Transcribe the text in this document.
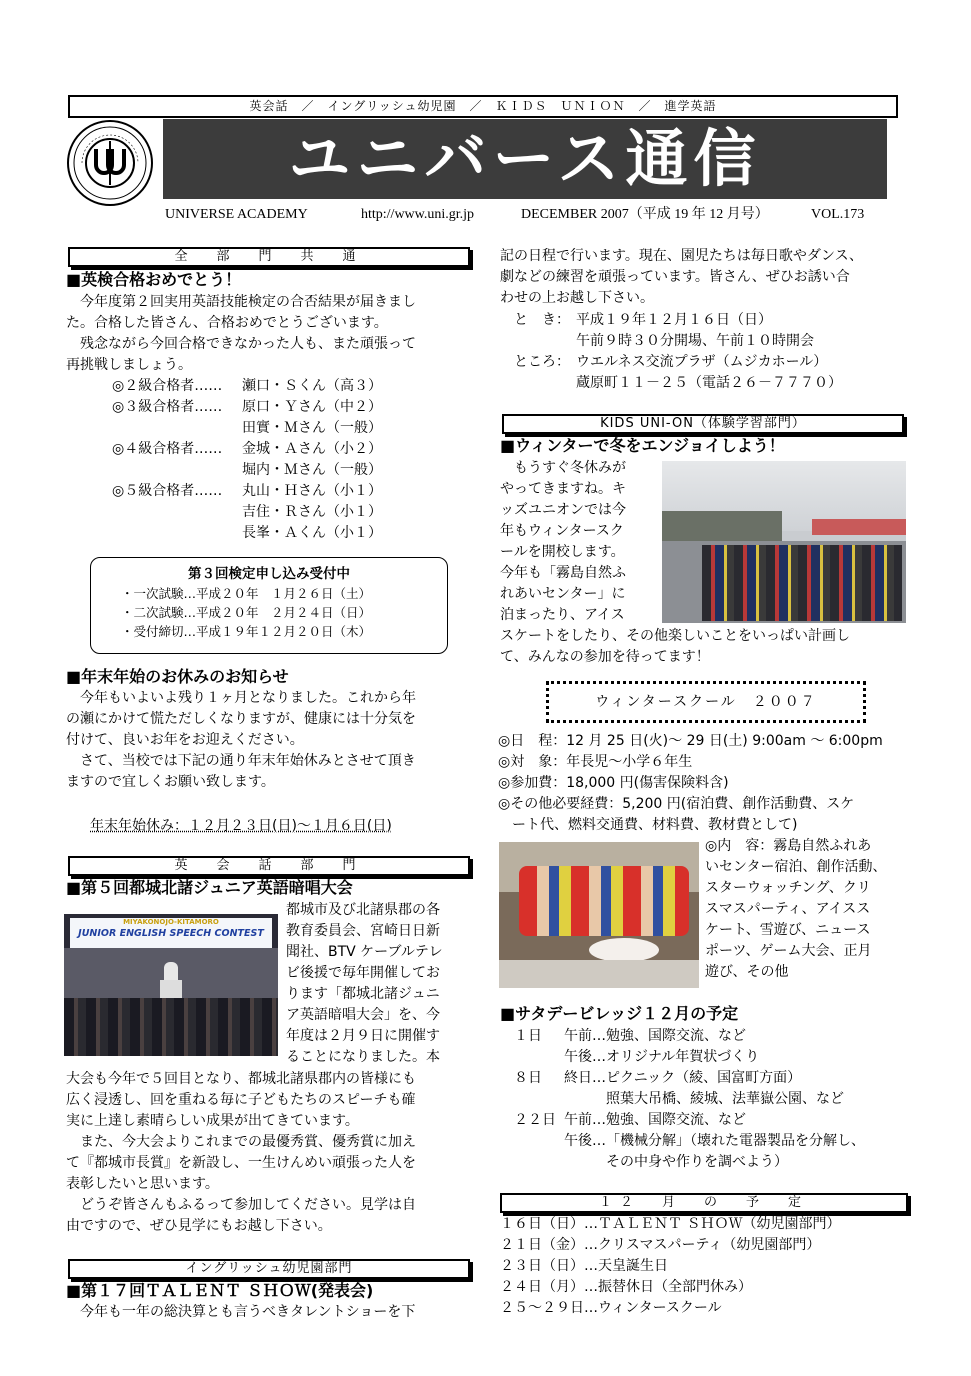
英会話　／　イングリッシュ幼児園　／　ＫＩＤＳ　ＵＮＩＯＮ　／　進学英語
ユニバース通信
UNIVERSE ACADEMY	http://www.uni.gr.jp	DECEMBER 2007（平成 19 年 12 月号）	VOL.173
全　部　門　共　通
■英検合格おめでとう！

今年度第２回実用英語技能検定の合否結果が届きまし

た。合格した皆さん、合格おめでとうございます。

　残念ながら今回合格できなかった人も、また頑張って

再挑戦しましょう。

◎２級合格者……	瀬口・Ｓくん（高３）
◎３級合格者……	原口・Ｙさん（中２）
	田實・Ｍさん（一般）
◎４級合格者……	金城・Ａさん（小２）
	堀内・Ｍさん（一般）
◎５級合格者……	丸山・Ｈさん（小１）
	吉住・Ｒさん（小１）
	長峯・Ａくん（小１）
第３回検定申し込み受付中
・一次試験…平成２０年　１月２６日（土）
・二次試験…平成２０年　２月２４日（日）
・受付締切…平成１９年１２月２０日（木）
■年末年始のお休みのお知らせ

今年もいよいよ残り１ヶ月となりました。これから年

の瀬にかけて慌ただしくなりますが、健康には十分気を

付けて、良いお年をお迎えください。

　さて、当校では下記の通り年末年始休みとさせて頂き

ますので宜しくお願い致します。

年末年始休み：１２月２３日(日)～１月６日(日)
英　会　話　部　門
■第５回都城北諸ジュニア英語暗唱大会
MIYAKONOJO-KITAMORO
JUNIOR ENGLISH SPEECH CONTEST

都城市及び北諸県郡の各

教育委員会、宮崎日日新

聞社、BTV ケーブルテレ

ビ後援で毎年開催してお

ります「都城北諸ジュニ

ア英語暗唱大会」を、今

年度は２月９日に開催す

ることになりました。本

大会も今年で５回目となり、都城北諸県郡内の皆様にも

広く浸透し、回を重ねる毎に子どもたちのスピーチも確

実に上達し素晴らしい成果が出てきています。

　また、今大会よりこれまでの最優秀賞、優秀賞に加え

て『都城市長賞』を新設し、一生けんめい頑張った人を

表彰したいと思います。

　どうぞ皆さんもふるって参加してください。見学は自

由ですので、ぜひ見学にもお越し下さい。

イングリッシュ幼児園部門
■第１７回ＴＡＬＥＮＴ ＳＨＯＷ(発表会)
今年も一年の総決算とも言うべきタレントショーを下

記の日程で行います。現在、園児たちは毎日歌やダンス、

劇などの練習を頑張っています。皆さん、ぜひお誘い合

わせの上お越し下さい。

と　き：	平成１９年１２月１６日（日）
	午前９時３０分開場、午前１０時開会
ところ：	ウエルネス交流プラザ（ムジカホール）
	蔵原町１１－２５（電話２６－７７７０）
KIDS UNI-ON（体験学習部門）
■ウィンターで冬をエンジョイしよう！

もうすぐ冬休みが

やってきますね。キ

ッズユニオンでは今

年もウィンタースク

ールを開校します。

今年も「霧島自然ふ

れあいセンター」に

泊まったり、アイス

スケートをしたり、その他楽しいことをいっぱい計画し

て、みんなの参加を待ってます！

ウィンタースクール　２００７

◎日　程：12 月 25 日(火)～ 29 日(土) 9:00am ～ 6:00pm

◎対　象：年長児～小学６年生

◎参加費：18,000 円(傷害保険料含)

◎その他必要経費：5,200 円(宿泊費、創作活動費、スケ

　ート代、燃料交通費、材料費、教材費として)

◎内　容：霧島自然ふれあ

いセンター宿泊、創作活動、

スターウォッチング、クリ

スマスパーティ、アイスス

ケート、雪遊び、ニュース

ポーツ、ゲーム大会、正月

遊び、その他

■サタデービレッジ１２月の予定
１日	午前…勉強、国際交流、など
	午後…オリジナル年賀状づくり
８日	終日…ピクニック（綾、国富町方面）
	　　　照葉大吊橋、綾城、法華嶽公園、など
２２日	午前…勉強、国際交流、など
	午後…「機械分解」（壊れた電器製品を分解し、
	　　　その中身や作りを調べよう）
１２　月　の　予　定

１６日（日）…ＴＡＬＥＮＴ ＳＨＯＷ（幼児園部門）

２１日（金）…クリスマスパーティ（幼児園部門）

２３日（日）…天皇誕生日

２４日（月）…振替休日（全部門休み）

２５～２９日…ウィンタースクール
